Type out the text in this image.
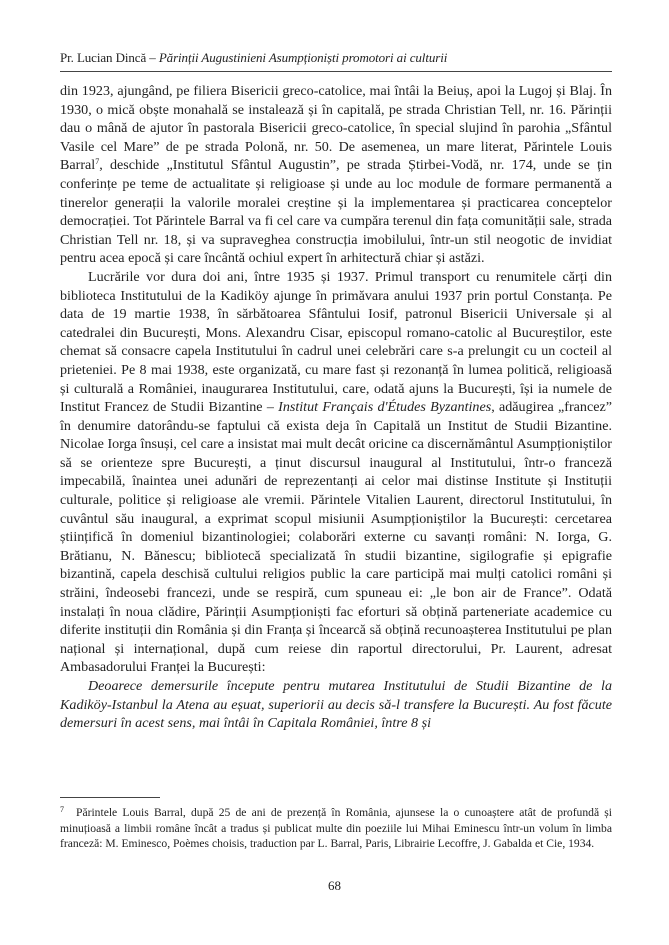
Pr. Lucian Dincă – Părinții Augustinieni Asumpționiști promotori ai culturii

din 1923, ajungând, pe filiera Bisericii greco-catolice, mai întâi la Beiuș, apoi la Lugoj și Blaj. În 1930, o mică obște monahală se instalează și în capitală, pe strada Christian Tell, nr. 16. Părinții dau o mână de ajutor în pastorala Bisericii greco-catolice, în special slujind în parohia „Sfântul Vasile cel Mare” de pe strada Polonă, nr. 50. De asemenea, un mare literat, Părintele Louis Barral$^7$, deschide „Institutul Sfântul Augustin”, pe strada Știrbei-Vodă, nr. 174, unde se țin conferințe pe teme de actualitate și religioase și unde au loc module de formare permanentă a tinerelor generații la valorile moralei creștine și la implementarea și practicarea conceptelor democrației. Tot Părintele Barral va fi cel care va cumpăra terenul din fața comunității sale, strada Christian Tell nr. 18, și va supraveghea construcția imobilului, într-un stil neogotic de invidiat pentru acea epocă și care încântă ochiul expert în arhitectură chiar și astăzi.

Lucrările vor dura doi ani, între 1935 și 1937. Primul transport cu renumitele cărți din biblioteca Institutului de la Kadiköy ajunge în primăvara anului 1937 prin portul Constanța. Pe data de 19 martie 1938, în sărbătoarea Sfântului Iosif, patronul Bisericii Universale și al catedralei din București, Mons. Alexandru Cisar, episcopul romano-catolic al Bucureștilor, este chemat să consacre capela Institutului în cadrul unei celebrări care s-a prelungit cu un cocteil al prieteniei. Pe 8 mai 1938, este organizată, cu mare fast și rezonanță în lumea politică, religioasă și culturală a României, inaugurarea Institutului, care, odată ajuns la București, își ia numele de Institut Francez de Studii Bizantine – Institut Français d'Études Byzantines, adăugirea „francez” în denumire datorându-se faptului că exista deja în Capitală un Institut de Studii Bizantine. Nicolae Iorga însuși, cel care a insistat mai mult decât oricine ca discernământul Asumpționiștilor să se orienteze spre București, a ținut discursul inaugural al Institutului, într-o franceză impecabilă, înaintea unei adunări de reprezentanți ai celor mai distinse Institute și Instituții culturale, politice și religioase ale vremii. Părintele Vitalien Laurent, directorul Institutului, în cuvântul său inaugural, a exprimat scopul misiunii Asumpționiștilor la București: cercetarea științifică în domeniul bizantinologiei; colaborări externe cu savanți români: N. Iorga, G. Brătianu, N. Bănescu; bibliotecă specializată în studii bizantine, sigilografie și epigrafie bizantină, capela deschisă cultului religios public la care participă mai mulți catolici români și străini, îndeosebi francezi, unde se respiră, cum spuneau ei: „le bon air de France”. Odată instalați în noua clădire, Părinții Asumpționiști fac eforturi să obțină parteneriate academice cu diferite instituții din România și din Franța și încearcă să obțină recunoașterea Institutului pe plan național și internațional, după cum reiese din raportul directorului, Pr. Laurent, adresat Ambasadorului Franței la București:

Deoarece demersurile începute pentru mutarea Institutului de Studii Bizantine de la Kadiköy-Istanbul la Atena au eșuat, superiorii au decis să-l transfere la București. Au fost făcute demersuri în acest sens, mai întâi în Capitala României, între 8 și

7 Părintele Louis Barral, după 25 de ani de prezență în România, ajunsese la o cunoaștere atât de profundă și minuțioasă a limbii române încât a tradus și publicat multe din poeziile lui Mihai Eminescu într-un volum în limba franceză: M. Eminesco, Poèmes choisis, traduction par L. Barral, Paris, Librairie Lecoffre, J. Gabalda et Cie, 1934.
68
